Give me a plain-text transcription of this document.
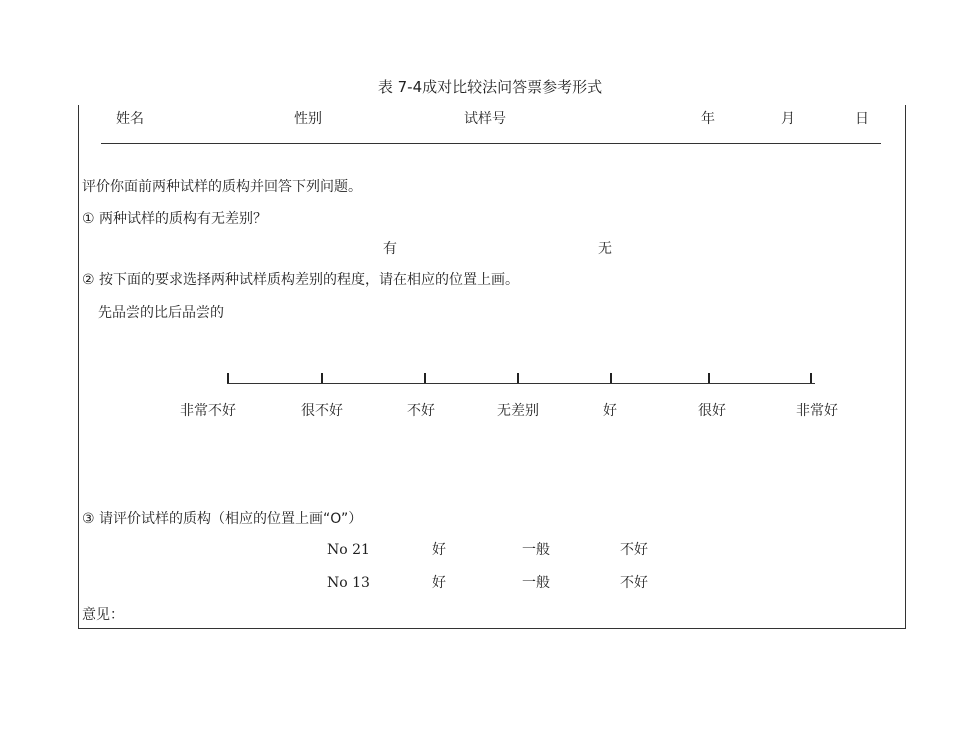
表 7-4成对比较法问答票参考形式
姓名	性别	试样号	年	月	日
评价你面前两种试样的质构并回答下列问题。
① 两种试样的质构有无差别？
有	无
② 按下面的要求选择两种试样质构差别的程度，请在相应的位置上画。
先品尝的比后品尝的
非常不好	很不好	不好	无差别	好	很好	非常好
③ 请评价试样的质构（相应的位置上画“O”）
No 21	好	一般	不好
No 13	好	一般	不好
意见：
